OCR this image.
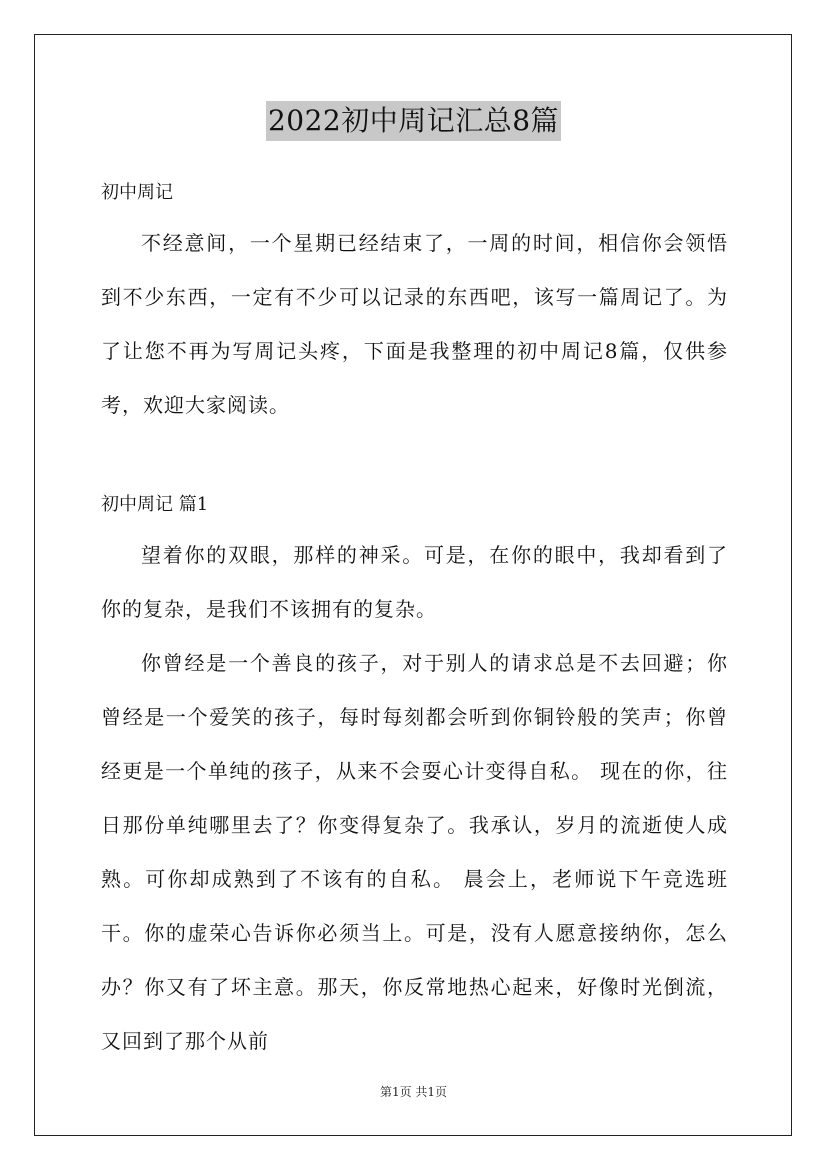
2022初中周记汇总8篇

初中周记

不经意间，一个星期已经结束了，一周的时间，相信你会领悟到不少东西，一定有不少可以记录的东西吧，该写一篇周记了。为了让您不再为写周记头疼，下面是我整理的初中周记8篇，仅供参考，欢迎大家阅读。

初中周记 篇1

望着你的双眼，那样的神采。可是，在你的眼中，我却看到了你的复杂，是我们不该拥有的复杂。

你曾经是一个善良的孩子，对于别人的请求总是不去回避；你曾经是一个爱笑的孩子，每时每刻都会听到你铜铃般的笑声；你曾经更是一个单纯的孩子，从来不会耍心计变得自私。 现在的你，往日那份单纯哪里去了？你变得复杂了。我承认，岁月的流逝使人成熟。可你却成熟到了不该有的自私。 晨会上，老师说下午竞选班干。你的虚荣心告诉你必须当上。可是，没有人愿意接纳你，怎么办？你又有了坏主意。那天，你反常地热心起来，好像时光倒流，又回到了那个从前

第1页 共1页
